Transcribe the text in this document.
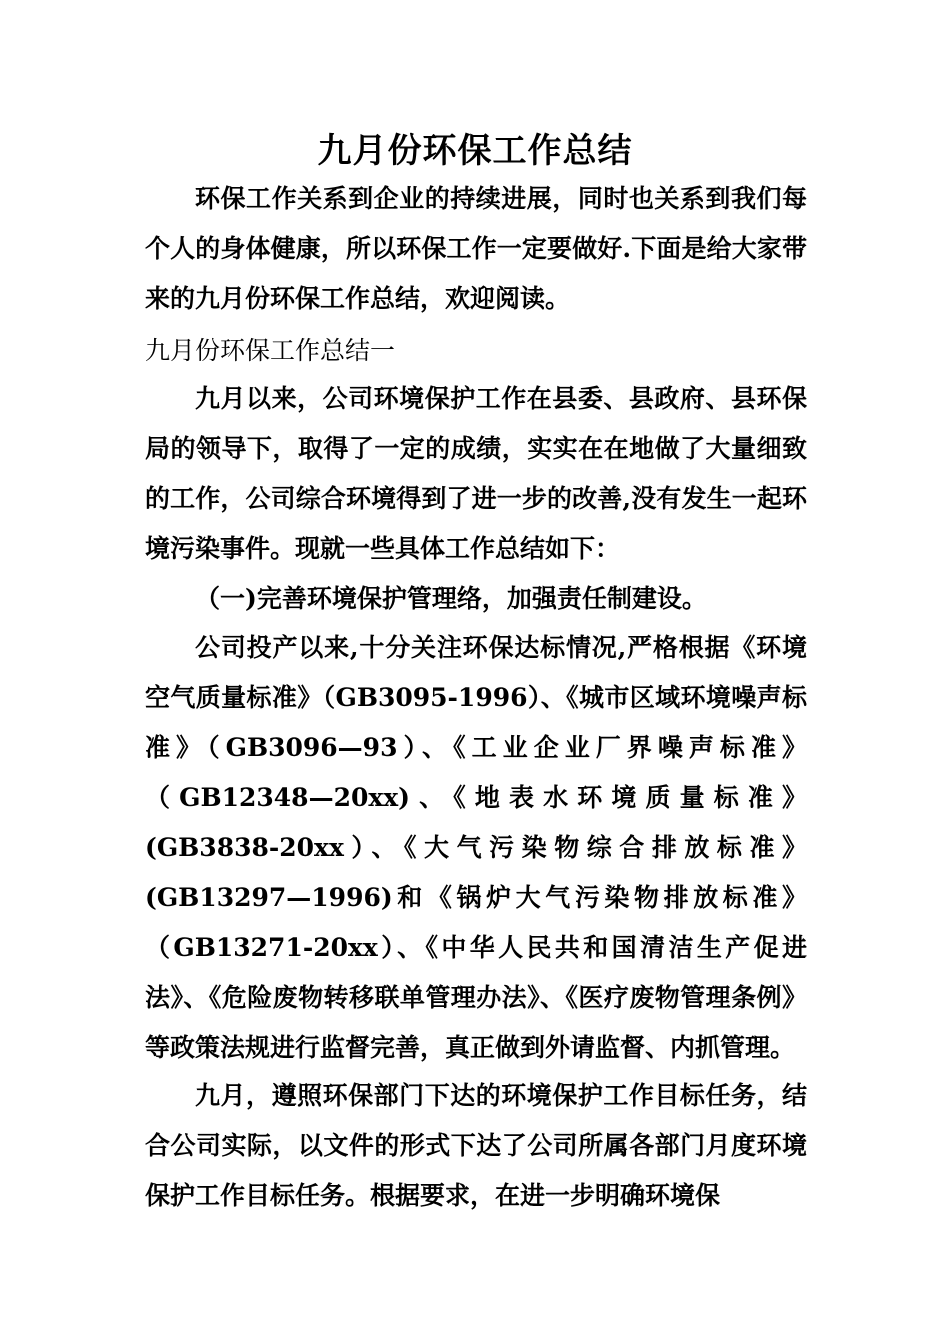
九月份环保工作总结

环保工作关系到企业的持续进展，同时也关系到我们每个人的身体健康，所以环保工作一定要做好.下面是给大家带来的九月份环保工作总结，欢迎阅读。

九月份环保工作总结一

九月以来，公司环境保护工作在县委、县政府、县环保局的领导下，取得了一定的成绩，实实在在地做了大量细致的工作，公司综合环境得到了进一步的改善,没有发生一起环境污染事件。现就一些具体工作总结如下：

（一)完善环境保护管理络，加强责任制建设。

公司投产以来,十分关注环保达标情况,严格根据《环境空气质量标准》（GB3095-1996）、《城市区域环境噪声标准》（GB3096—93）、《工业企业厂界噪声标准》（GB12348—20xx)、《地表水环境质量标准》(GB3838-20xx）、《大气污染物综合排放标准》(GB13297—1996)和《锅炉大气污染物排放标准》（GB13271-20xx）、《中华人民共和国清洁生产促进法》、《危险废物转移联单管理办法》、《医疗废物管理条例》等政策法规进行监督完善，真正做到外请监督、内抓管理。

九月，遵照环保部门下达的环境保护工作目标任务，结合公司实际，以文件的形式下达了公司所属各部门月度环境保护工作目标任务。根据要求，在进一步明确环境保
